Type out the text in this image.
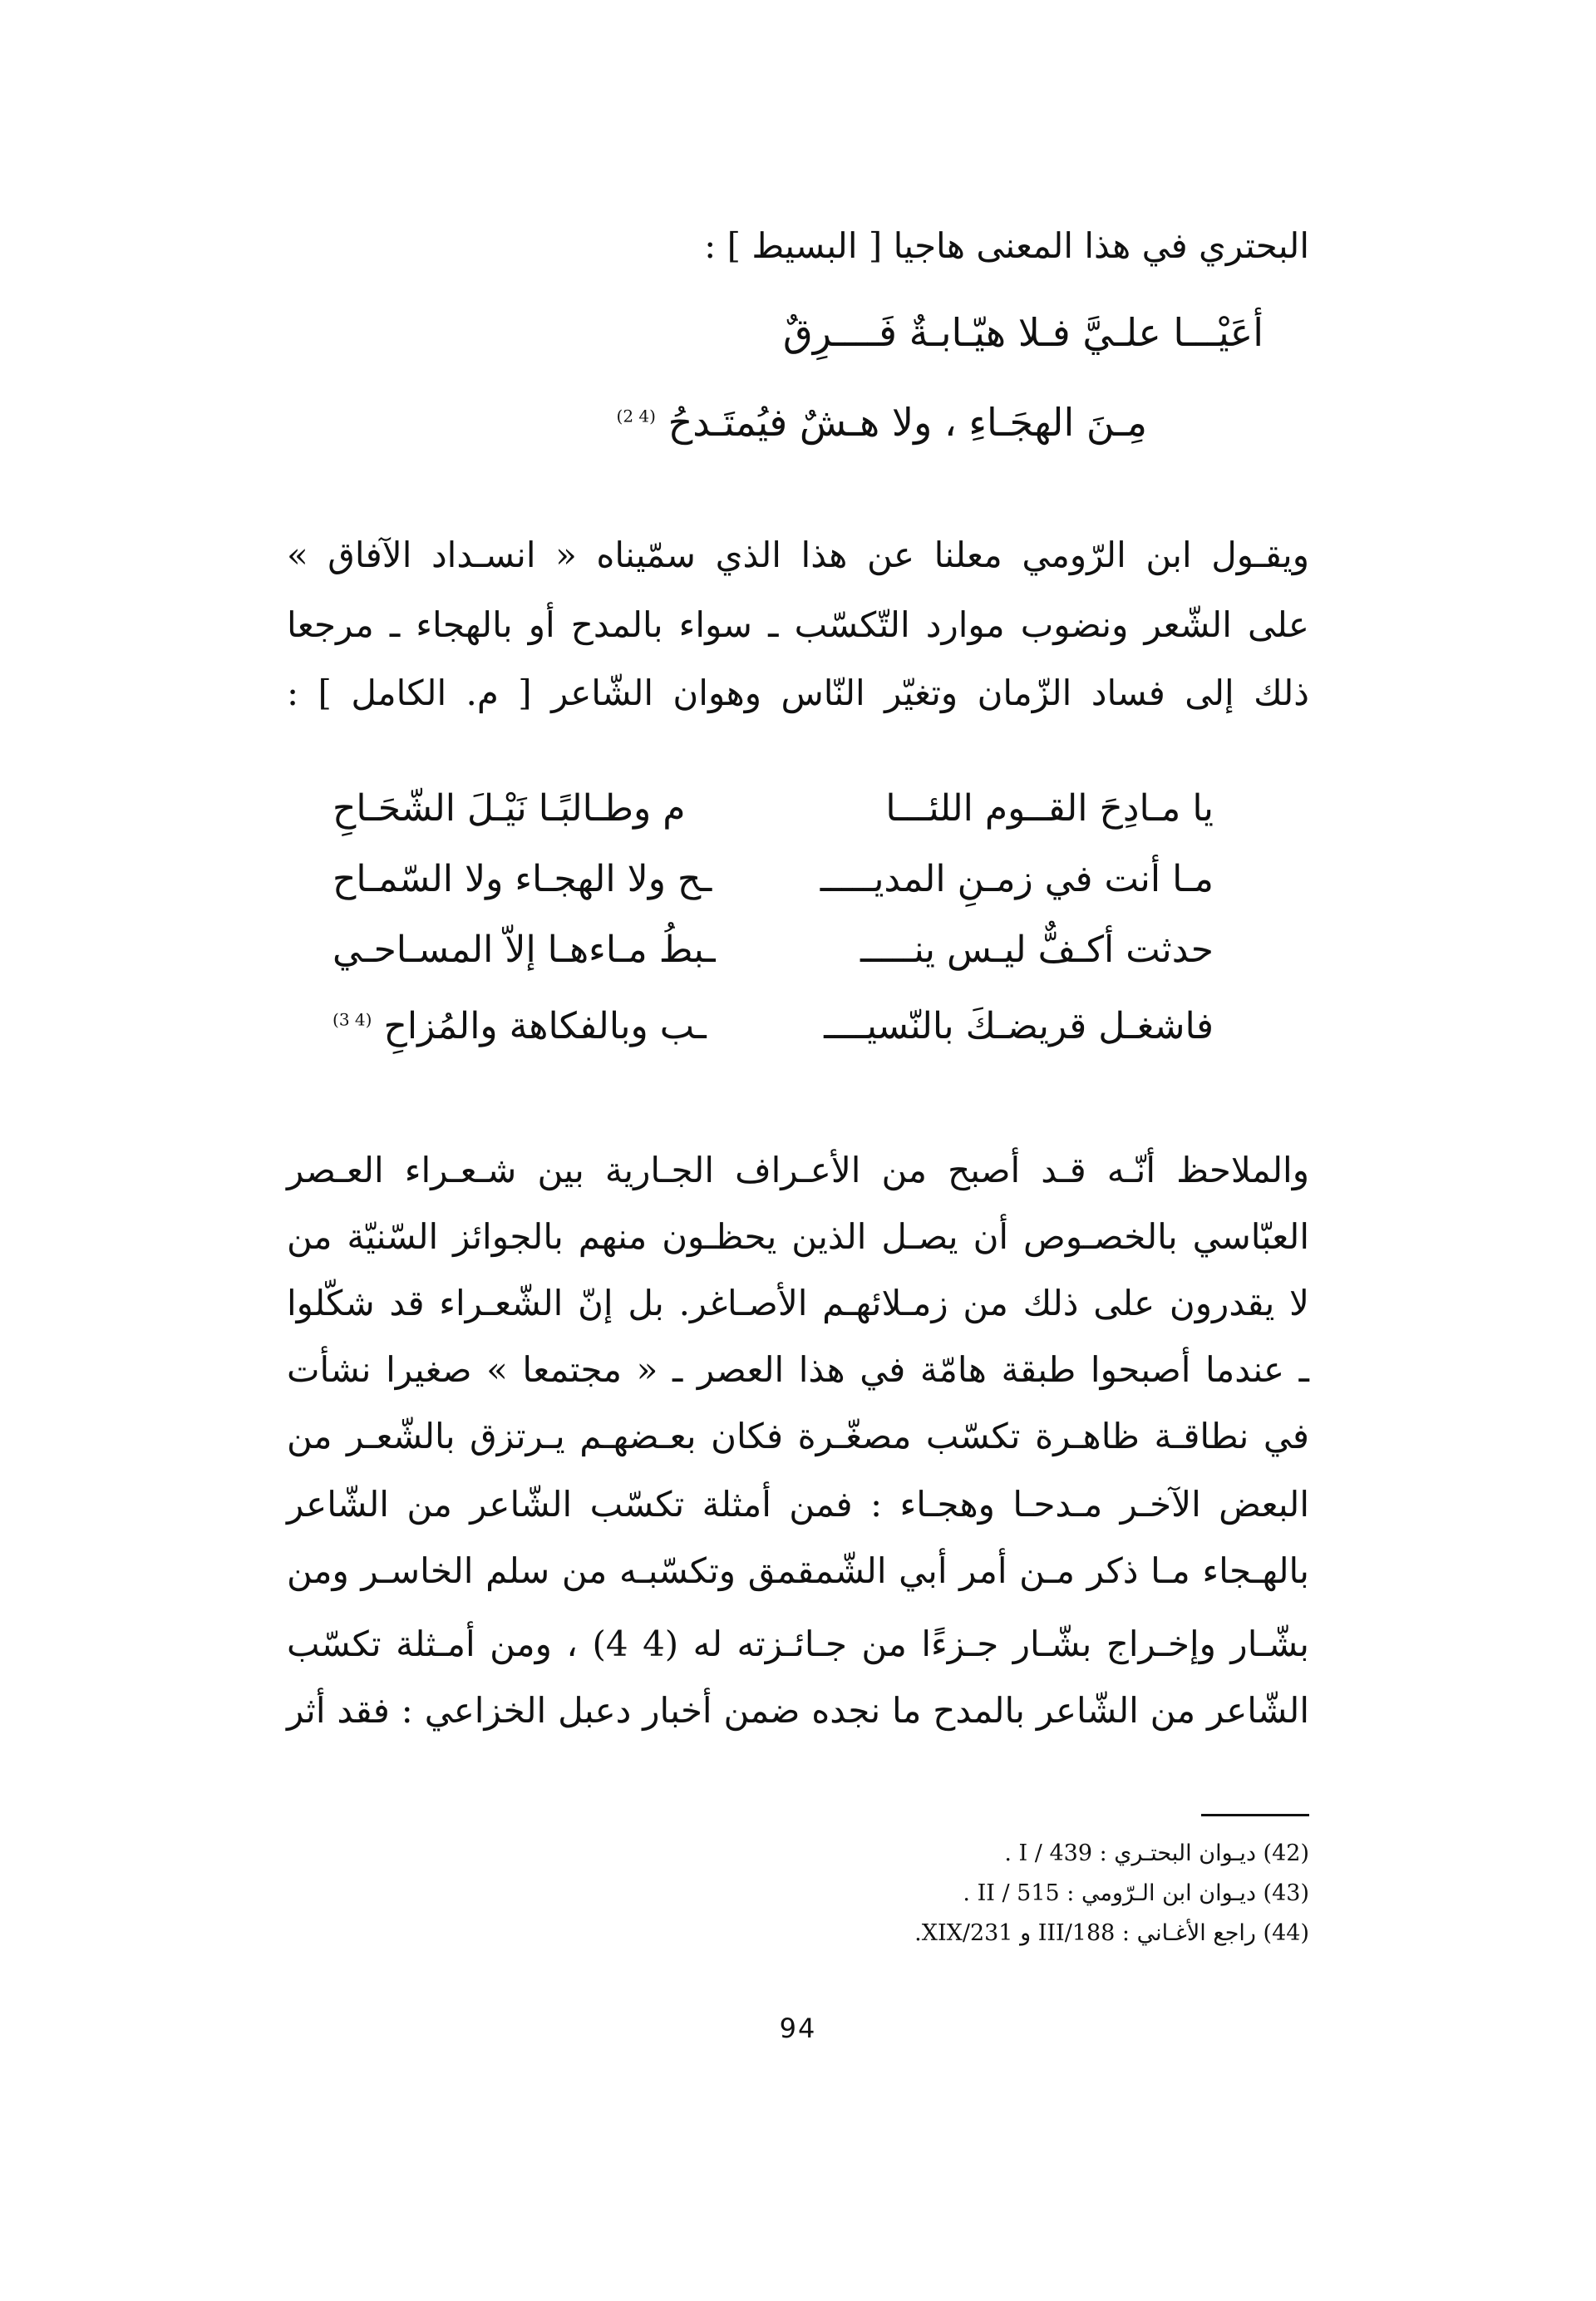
البحتري في هذا المعنى هاجيا [ البسيط ] :
أعَيْـــا علـيَّ فـلا هيّـابـةٌ فَــــرِقٌ
مِـنَ الهجَـاءِ ، ولا هـشٌ فيُمتَـدحُ $^{(4 2)}$
ويقـول ابن الرّومي معلنا عن هذا الذي سمّيناه « انسـداد الآفاق »
على الشّعر ونضوب موارد التّكسّب ـ سواء بالمدح أو بالهجاء ـ مرجعا
ذلك إلى فساد الزّمان وتغيّر النّاس وهوان الشّاعر [ م. الكامل ] :
يا مـادِحَ القــوم اللئـــا
م وطـالبًـا نَيْـلَ الشّحَـاحِ
مـا أنت في زمـنِ المديـــــ
ـح ولا الهجـاء ولا السّمـاح
حدثت أكـفٌّ ليـس ينـــــ
ـبطُ مـاءهـا إلاّ المسـاحـي
فاشغـل قريضـكَ بالنّسيــــ
ـب وبالفكاهة والمُزاحِ $^{(4 3)}$
والملاحظ أنّـه قـد أصبح من الأعـراف الجـارية بين شـعـراء العـصر
العبّاسي بالخصـوص أن يصـل الذين يحظـون منهم بالجوائز السّنيّة من
لا يقدرون على ذلك من زمـلائهـم الأصـاغر. بل إنّ الشّعـراء قد شكّلوا
ـ عندما أصبحوا طبقة هامّة في هذا العصر ـ « مجتمعا » صغيرا نشأت
في نطاقـة ظاهـرة تكسّب مصغّـرة فكان بعـضهـم يـرتزق بالشّعـر من
البعض الآخـر مـدحـا وهجـاء : فمن أمثلة تكسّب الشّاعر من الشّاعر
بالهـجاء مـا ذكر مـن أمر أبي الشّمقمق وتكسّبـه من سلم الخاسـر ومن
بشّـار وإخـراج بشّـار جـزءًا من جـائـزته له (4 4) ، ومن أمـثلة تكسّب
الشّاعر من الشّاعر بالمدح ما نجده ضمن أخبار دعبل الخزاعي : فقد أثر
(42) ديـوان البحتـري : I / 439 .
(43) ديـوان ابن الـرّومي : II / 515 .
(44) راجع الأغـاني : III/188 و XIX/231.
94
